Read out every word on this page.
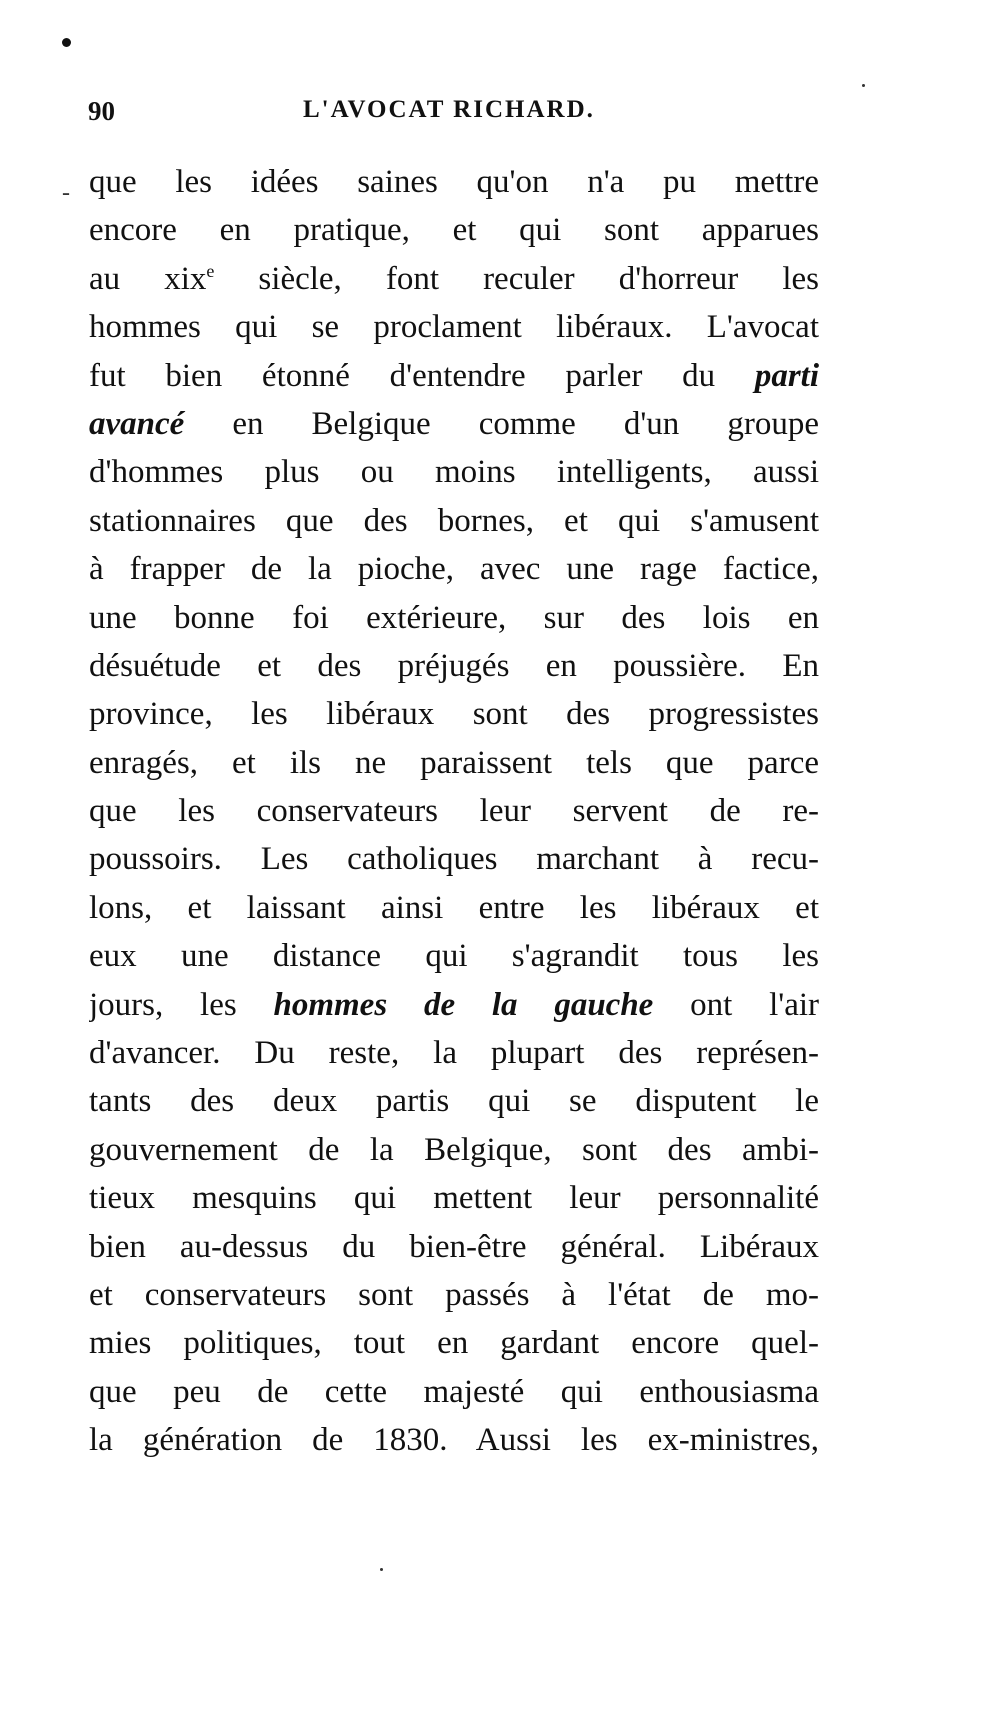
90	L'AVOCAT RICHARD.
- que les idées saines qu'on n'a pu mettre
encore en pratique, et qui sont apparues
au xix$^e$ siècle, font reculer d'horreur les
hommes qui se proclament libéraux. L'avocat
fut bien étonné d'entendre parler du parti
avancé en Belgique comme d'un groupe
d'hommes plus ou moins intelligents, aussi
stationnaires que des bornes, et qui s'amusent
à frapper de la pioche, avec une rage factice,
une bonne foi extérieure, sur des lois en
désuétude et des préjugés en poussière. En
province, les libéraux sont des progressistes
enragés, et ils ne paraissent tels que parce
que les conservateurs leur servent de re-
poussoirs. Les catholiques marchant à recu-
lons, et laissant ainsi entre les libéraux et
eux une distance qui s'agrandit tous les
jours, les hommes de la gauche ont l'air
d'avancer. Du reste, la plupart des représen-
tants des deux partis qui se disputent le
gouvernement de la Belgique, sont des ambi-
tieux mesquins qui mettent leur personnalité
bien au-dessus du bien-être général. Libéraux
et conservateurs sont passés à l'état de mo-
mies politiques, tout en gardant encore quel-
que peu de cette majesté qui enthousiasma
la génération de 1830. Aussi les ex-ministres,
